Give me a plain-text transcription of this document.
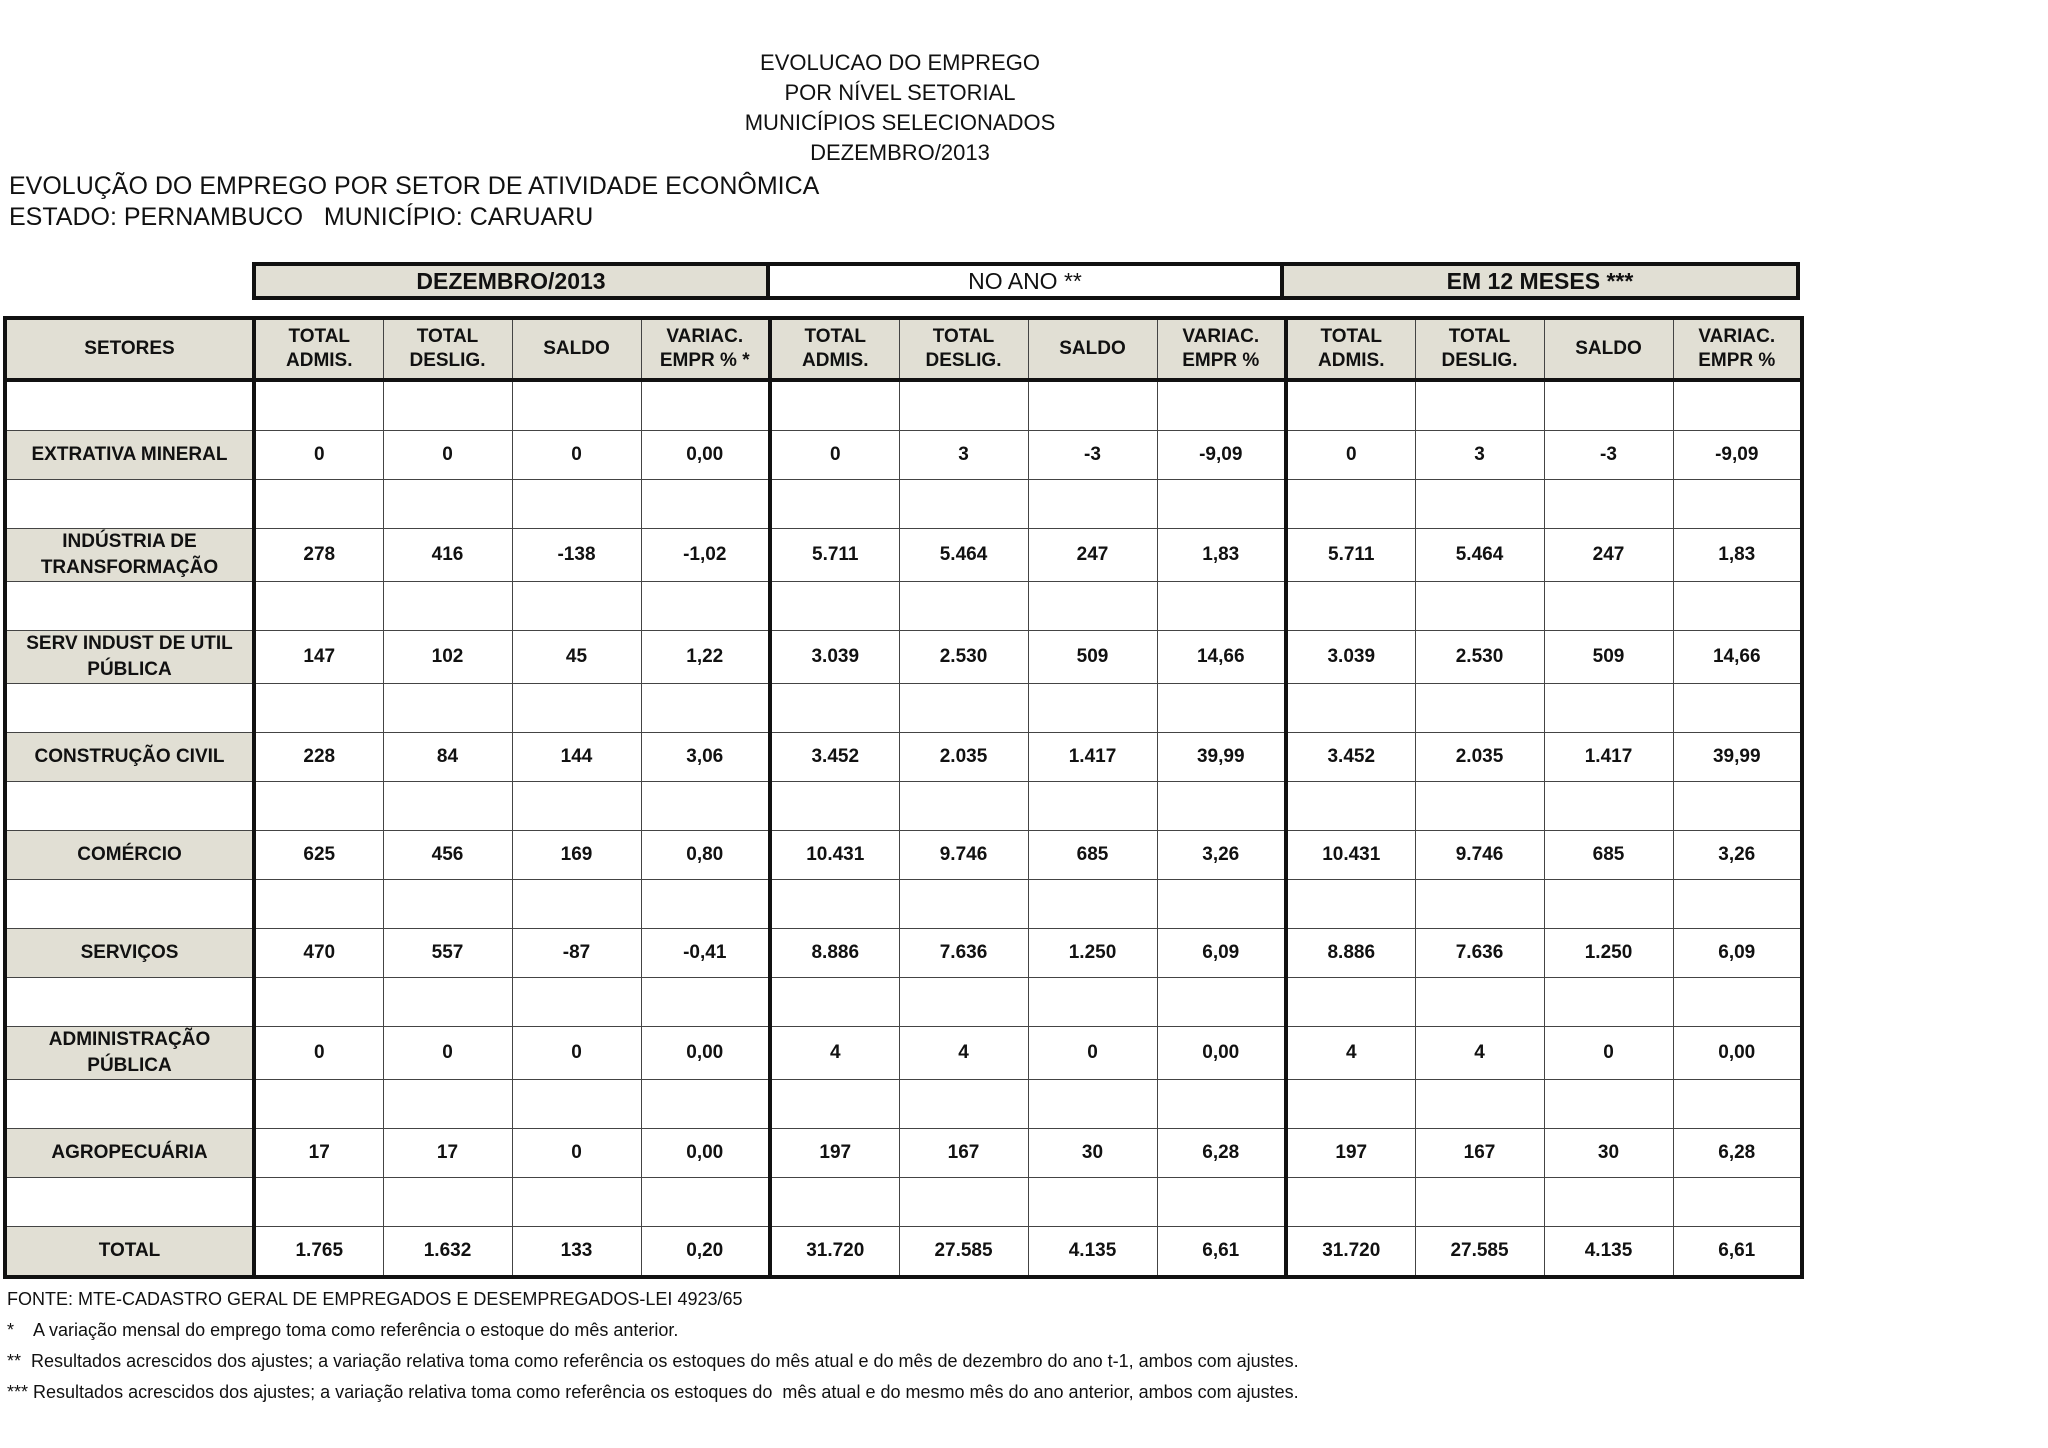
EVOLUCAO DO EMPREGO
POR NÍVEL SETORIAL
MUNICÍPIOS SELECIONADOS
DEZEMBRO/2013
EVOLUÇÃO DO EMPREGO POR SETOR DE ATIVIDADE ECONÔMICA
ESTADO: PERNAMBUCO   MUNICÍPIO: CARUARU
DEZEMBRO/2013	NO ANO **	EM 12 MESES ***
SETORES	TOTAL ADMIS.	TOTAL DESLIG.	SALDO	VARIAC. EMPR % *	TOTAL ADMIS.	TOTAL DESLIG.	SALDO	VARIAC. EMPR %	TOTAL ADMIS.	TOTAL DESLIG.	SALDO	VARIAC. EMPR %

EXTRATIVA MINERAL	0	0	0	0,00	0	3	-3	-9,09	0	3	-3	-9,09

INDÚSTRIA DE TRANSFORMAÇÃO	278	416	-138	-1,02	5.711	5.464	247	1,83	5.711	5.464	247	1,83

SERV INDUST DE UTIL PÚBLICA	147	102	45	1,22	3.039	2.530	509	14,66	3.039	2.530	509	14,66

CONSTRUÇÃO CIVIL	228	84	144	3,06	3.452	2.035	1.417	39,99	3.452	2.035	1.417	39,99

COMÉRCIO	625	456	169	0,80	10.431	9.746	685	3,26	10.431	9.746	685	3,26

SERVIÇOS	470	557	-87	-0,41	8.886	7.636	1.250	6,09	8.886	7.636	1.250	6,09

ADMINISTRAÇÃO PÚBLICA	0	0	0	0,00	4	4	0	0,00	4	4	0	0,00

AGROPECUÁRIA	17	17	0	0,00	197	167	30	6,28	197	167	30	6,28

TOTAL	1.765	1.632	133	0,20	31.720	27.585	4.135	6,61	31.720	27.585	4.135	6,61
FONTE: MTE-CADASTRO GERAL DE EMPREGADOS E DESEMPREGADOS-LEI 4923/65
*    A variação mensal do emprego toma como referência o estoque do mês anterior.
**  Resultados acrescidos dos ajustes; a variação relativa toma como referência os estoques do mês atual e do mês de dezembro do ano t-1, ambos com ajustes.
*** Resultados acrescidos dos ajustes; a variação relativa toma como referência os estoques do  mês atual e do mesmo mês do ano anterior, ambos com ajustes.
